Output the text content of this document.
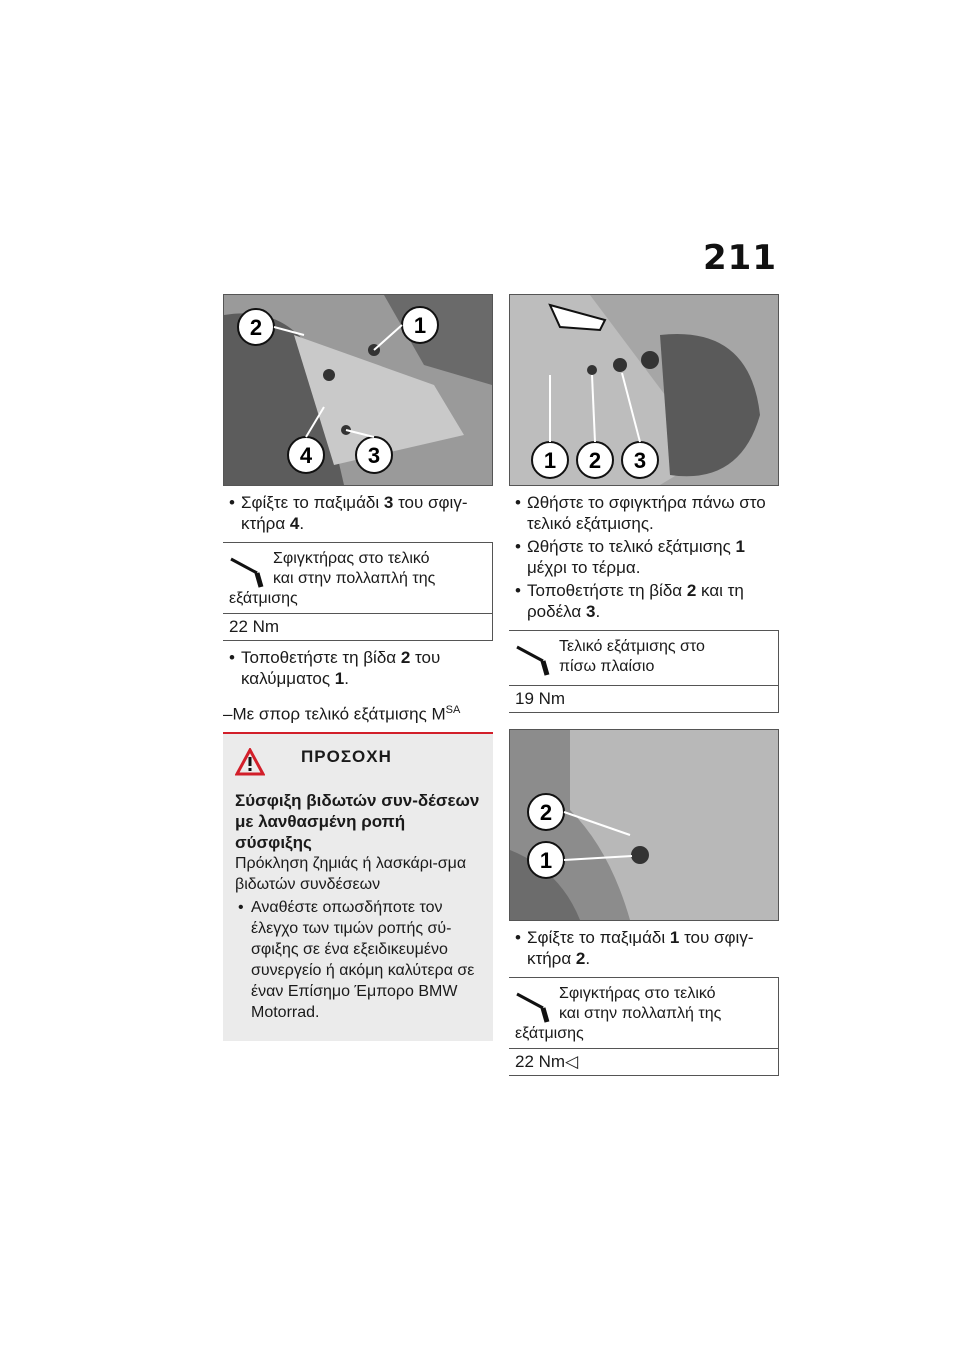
211
2	1
4	3
• Σφίξτε το παξιμάδι 3 του σφιγ-κτήρα 4.
Σφιγκτήρας στο τελικό
και στην πολλαπλή της
εξάτμισης
22 Nm
• Τοποθετήστε τη βίδα 2 του καλύμματος 1.
–Με σπορ τελικό εξάτμισης $M^{SA}$
ΠΡΟΣΟΧΗ
Σύσφιξη βιδωτών συν-δέσεων με λανθασμένη ροπή σύσφιξης
Πρόκληση ζημιάς ή λασκάρι-σμα βιδωτών συνδέσεων
• Αναθέστε οπωσδήποτε τον έλεγχο των τιμών ροπής σύ-σφιξης σε ένα εξειδικευμένο συνεργείο ή ακόμη καλύτερα σε έναν Επίσημο Έμπορο BMW Motorrad.
1 2 3
• Ωθήστε το σφιγκτήρα πάνω στο τελικό εξάτμισης.
• Ωθήστε το τελικό εξάτμισης 1 μέχρι το τέρμα.
• Τοποθετήστε τη βίδα 2 και τη ροδέλα 3.
Τελικό εξάτμισης στο
πίσω πλαίσιο
19 Nm
2
1
• Σφίξτε το παξιμάδι 1 του σφιγ-κτήρα 2.
Σφιγκτήρας στο τελικό
και στην πολλαπλή της
εξάτμισης
22 Nm◁
